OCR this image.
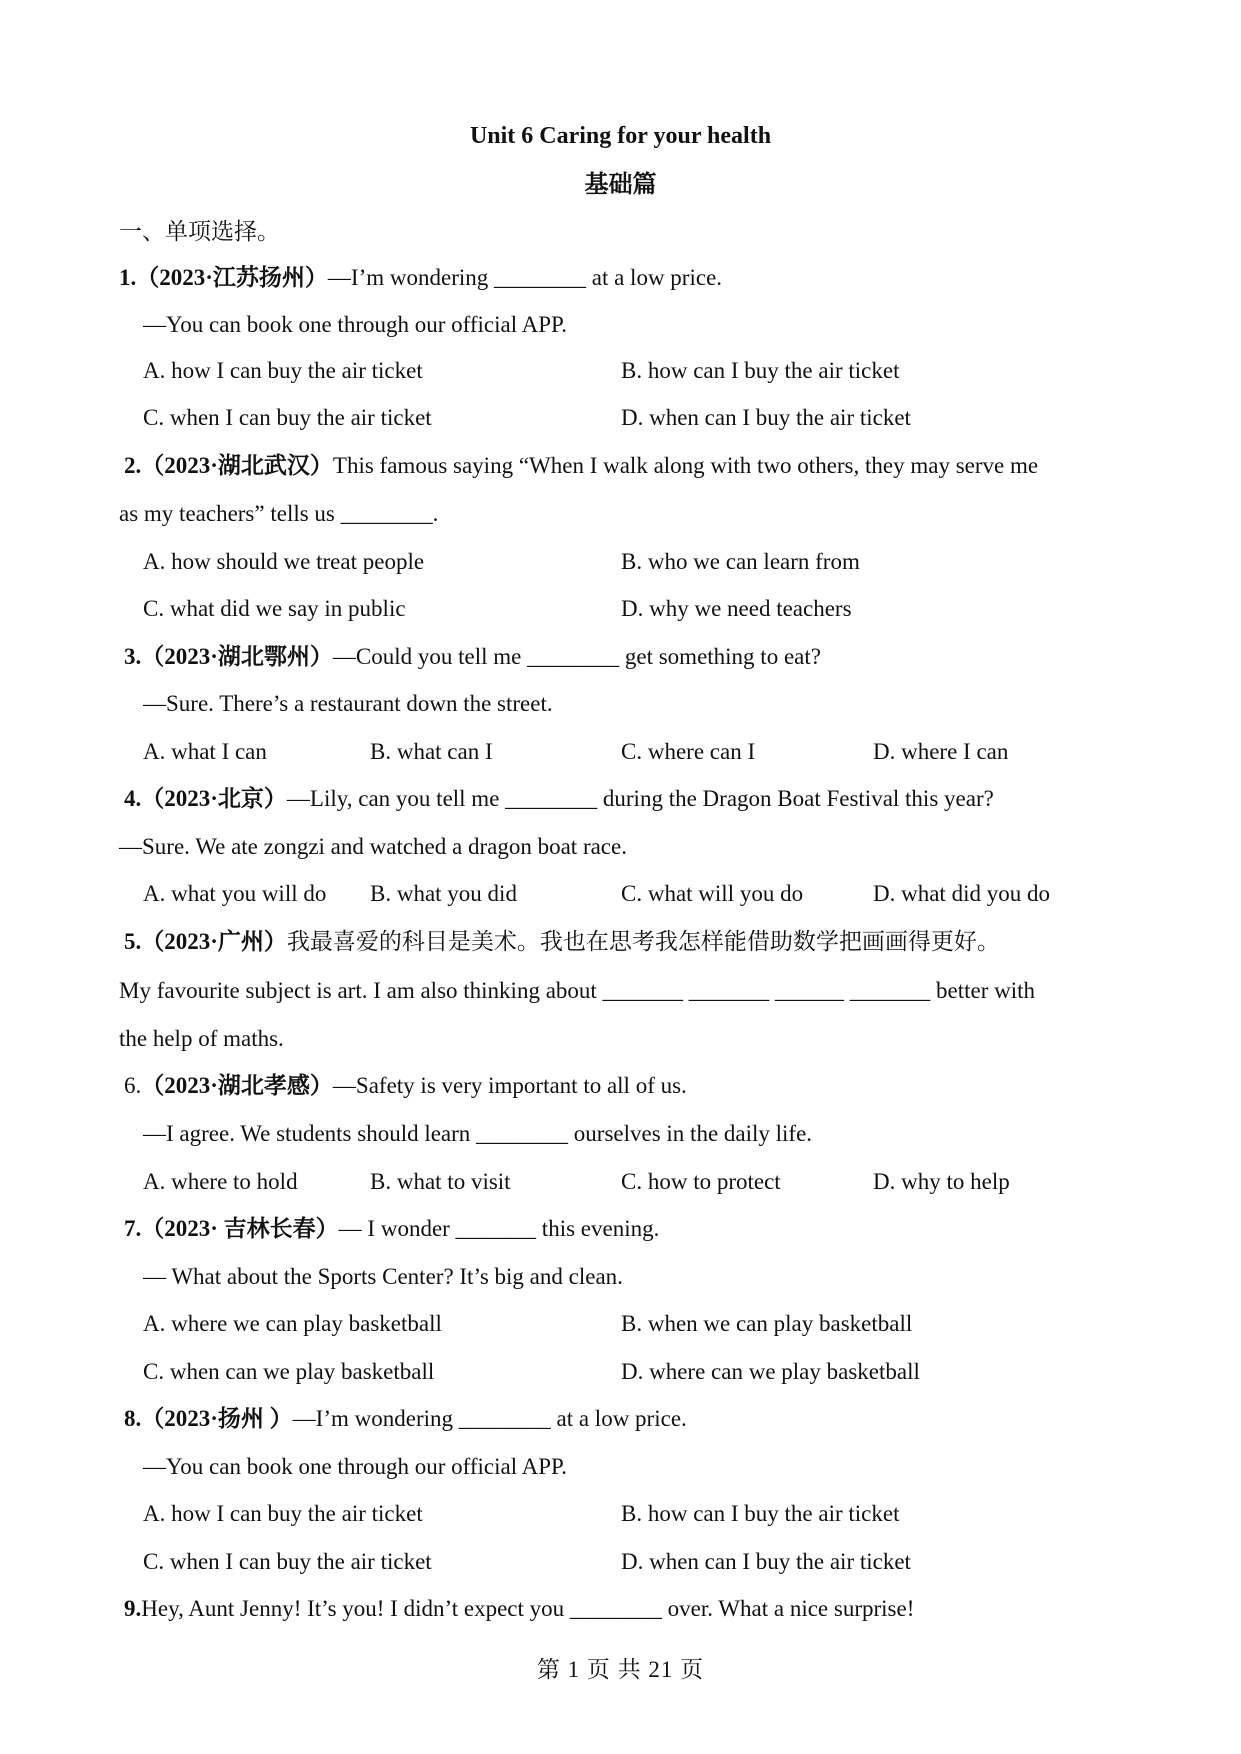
Unit 6 Caring for your health
基础篇
一、单项选择。
1.（2023·江苏扬州）—I’m wondering ________ at a low price.
—You can book one through our official APP.
A. how I can buy the air ticket	B. how can I buy the air ticket
C. when I can buy the air ticket	D. when can I buy the air ticket
2.（2023·湖北武汉）This famous saying “When I walk along with two others, they may serve me
as my teachers” tells us ________.
A. how should we treat people	B. who we can learn from
C. what did we say in public	D. why we need teachers
3.（2023·湖北鄂州）—Could you tell me ________ get something to eat?
—Sure. There’s a restaurant down the street.
A. what I can	B. what can I	C. where can I	D. where I can
4.（2023·北京）—Lily, can you tell me ________ during the Dragon Boat Festival this year?
—Sure. We ate zongzi and watched a dragon boat race.
A. what you will do B. what you did	C. what will you do	D. what did you do
5.（2023·广州）我最喜爱的科目是美术。我也在思考我怎样能借助数学把画画得更好。
My favourite subject is art. I am also thinking about _______ _______ ______ _______ better with
the help of maths.
6.（2023·湖北孝感）—Safety is very important to all of us.
—I agree. We students should learn ________ ourselves in the daily life.
A. where to hold	B. what to visit	C. how to protect	D. why to help
7.（2023· 吉林长春）— I wonder _______ this evening.
— What about the Sports Center? It’s big and clean.
A. where we can play basketball	B. when we can play basketball
C. when can we play basketball	D. where can we play basketball
8.（2023·扬州 ）—I’m wondering ________ at a low price.
—You can book one through our official APP.
A. how I can buy the air ticket	B. how can I buy the air ticket
C. when I can buy the air ticket	D. when can I buy the air ticket
9.Hey, Aunt Jenny! It’s you! I didn’t expect you ________ over. What a nice surprise!
第 1 页 共 21 页
